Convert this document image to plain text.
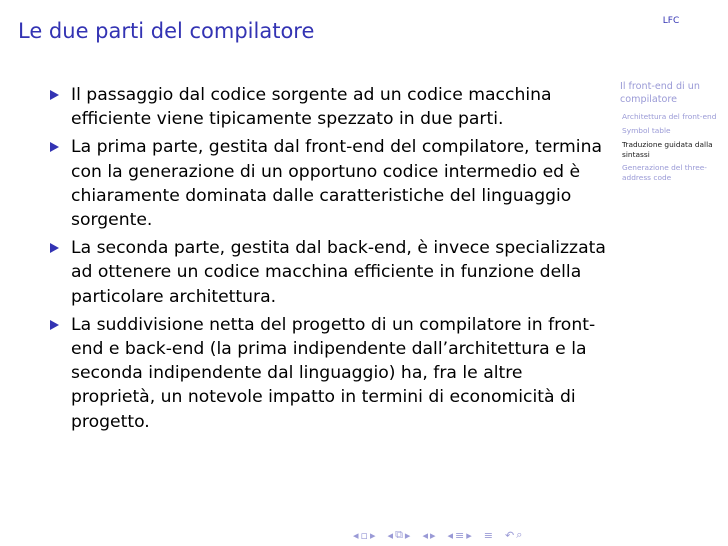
Le due parti del compilatore	LFC
Il front-end di un compilatore
Architettura del front-end
Symbol table
Traduzione guidata dalla sintassi
Generazione del three-address code
Il passaggio dal codice sorgente ad un codice macchina efficiente viene tipicamente spezzato in due parti.
La prima parte, gestita dal front-end del compilatore, termina con la generazione di un opportuno codice intermedio ed è chiaramente dominata dalle caratteristiche del linguaggio sorgente.
La seconda parte, gestita dal back-end, è invece specializzata ad ottenere un codice macchina efficiente in funzione della particolare architettura.
La suddivisione netta del progetto di un compilatore in front-end e back-end (la prima indipendente dall’architettura e la seconda indipendente dal linguaggio) ha, fra le altre proprietà, un notevole impatto in termini di economicità di progetto.
◂ ▫ ▸ ◂ ⧉ ▸ ◂ ▸ ◂ ≡ ▸ ≡ ↶ ⌕
